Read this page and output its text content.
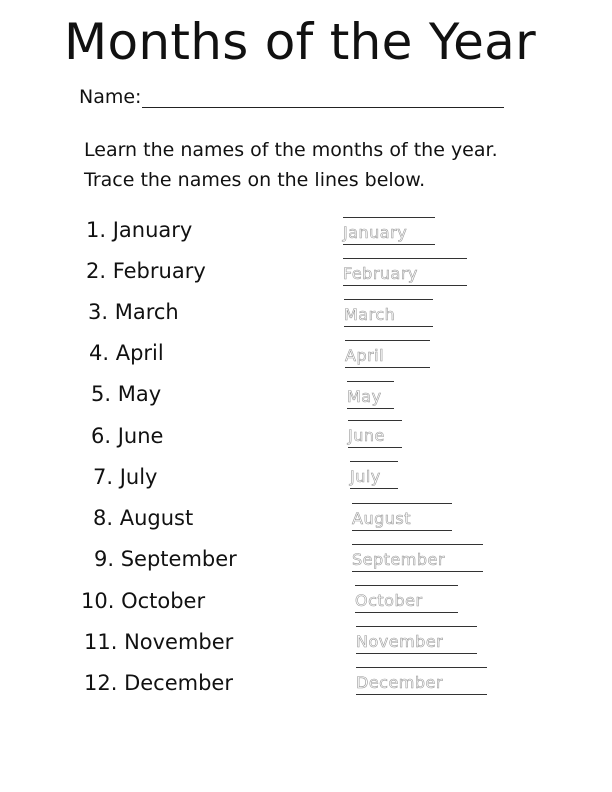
Months of the Year
Name:
Learn the names of the months of the year.
Trace the names on the lines below.
1. January
2. February
3. March
4. April
5. May
6. June
7. July
8. August
9. September
10. October
11. November
12. December
January
February
March
April
May
June
July
August
September
October
November
December
